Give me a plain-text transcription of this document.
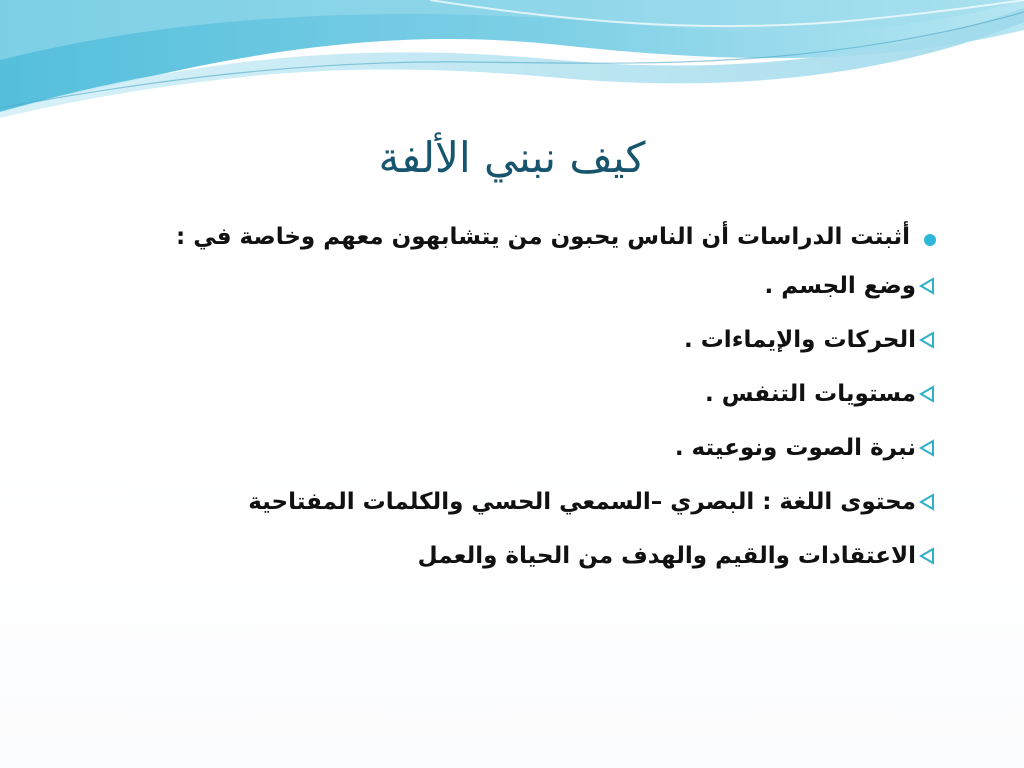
كيف نبني الألفة
أثبتت الدراسات أن الناس يحبون من يتشابهون معهم وخاصة في :
وضع الجسم .
الحركات والإيماءات .
مستويات التنفس .
نبرة الصوت ونوعيته .
محتوى اللغة : البصري –السمعي الحسي والكلمات المفتاحية
الاعتقادات والقيم والهدف من الحياة والعمل
